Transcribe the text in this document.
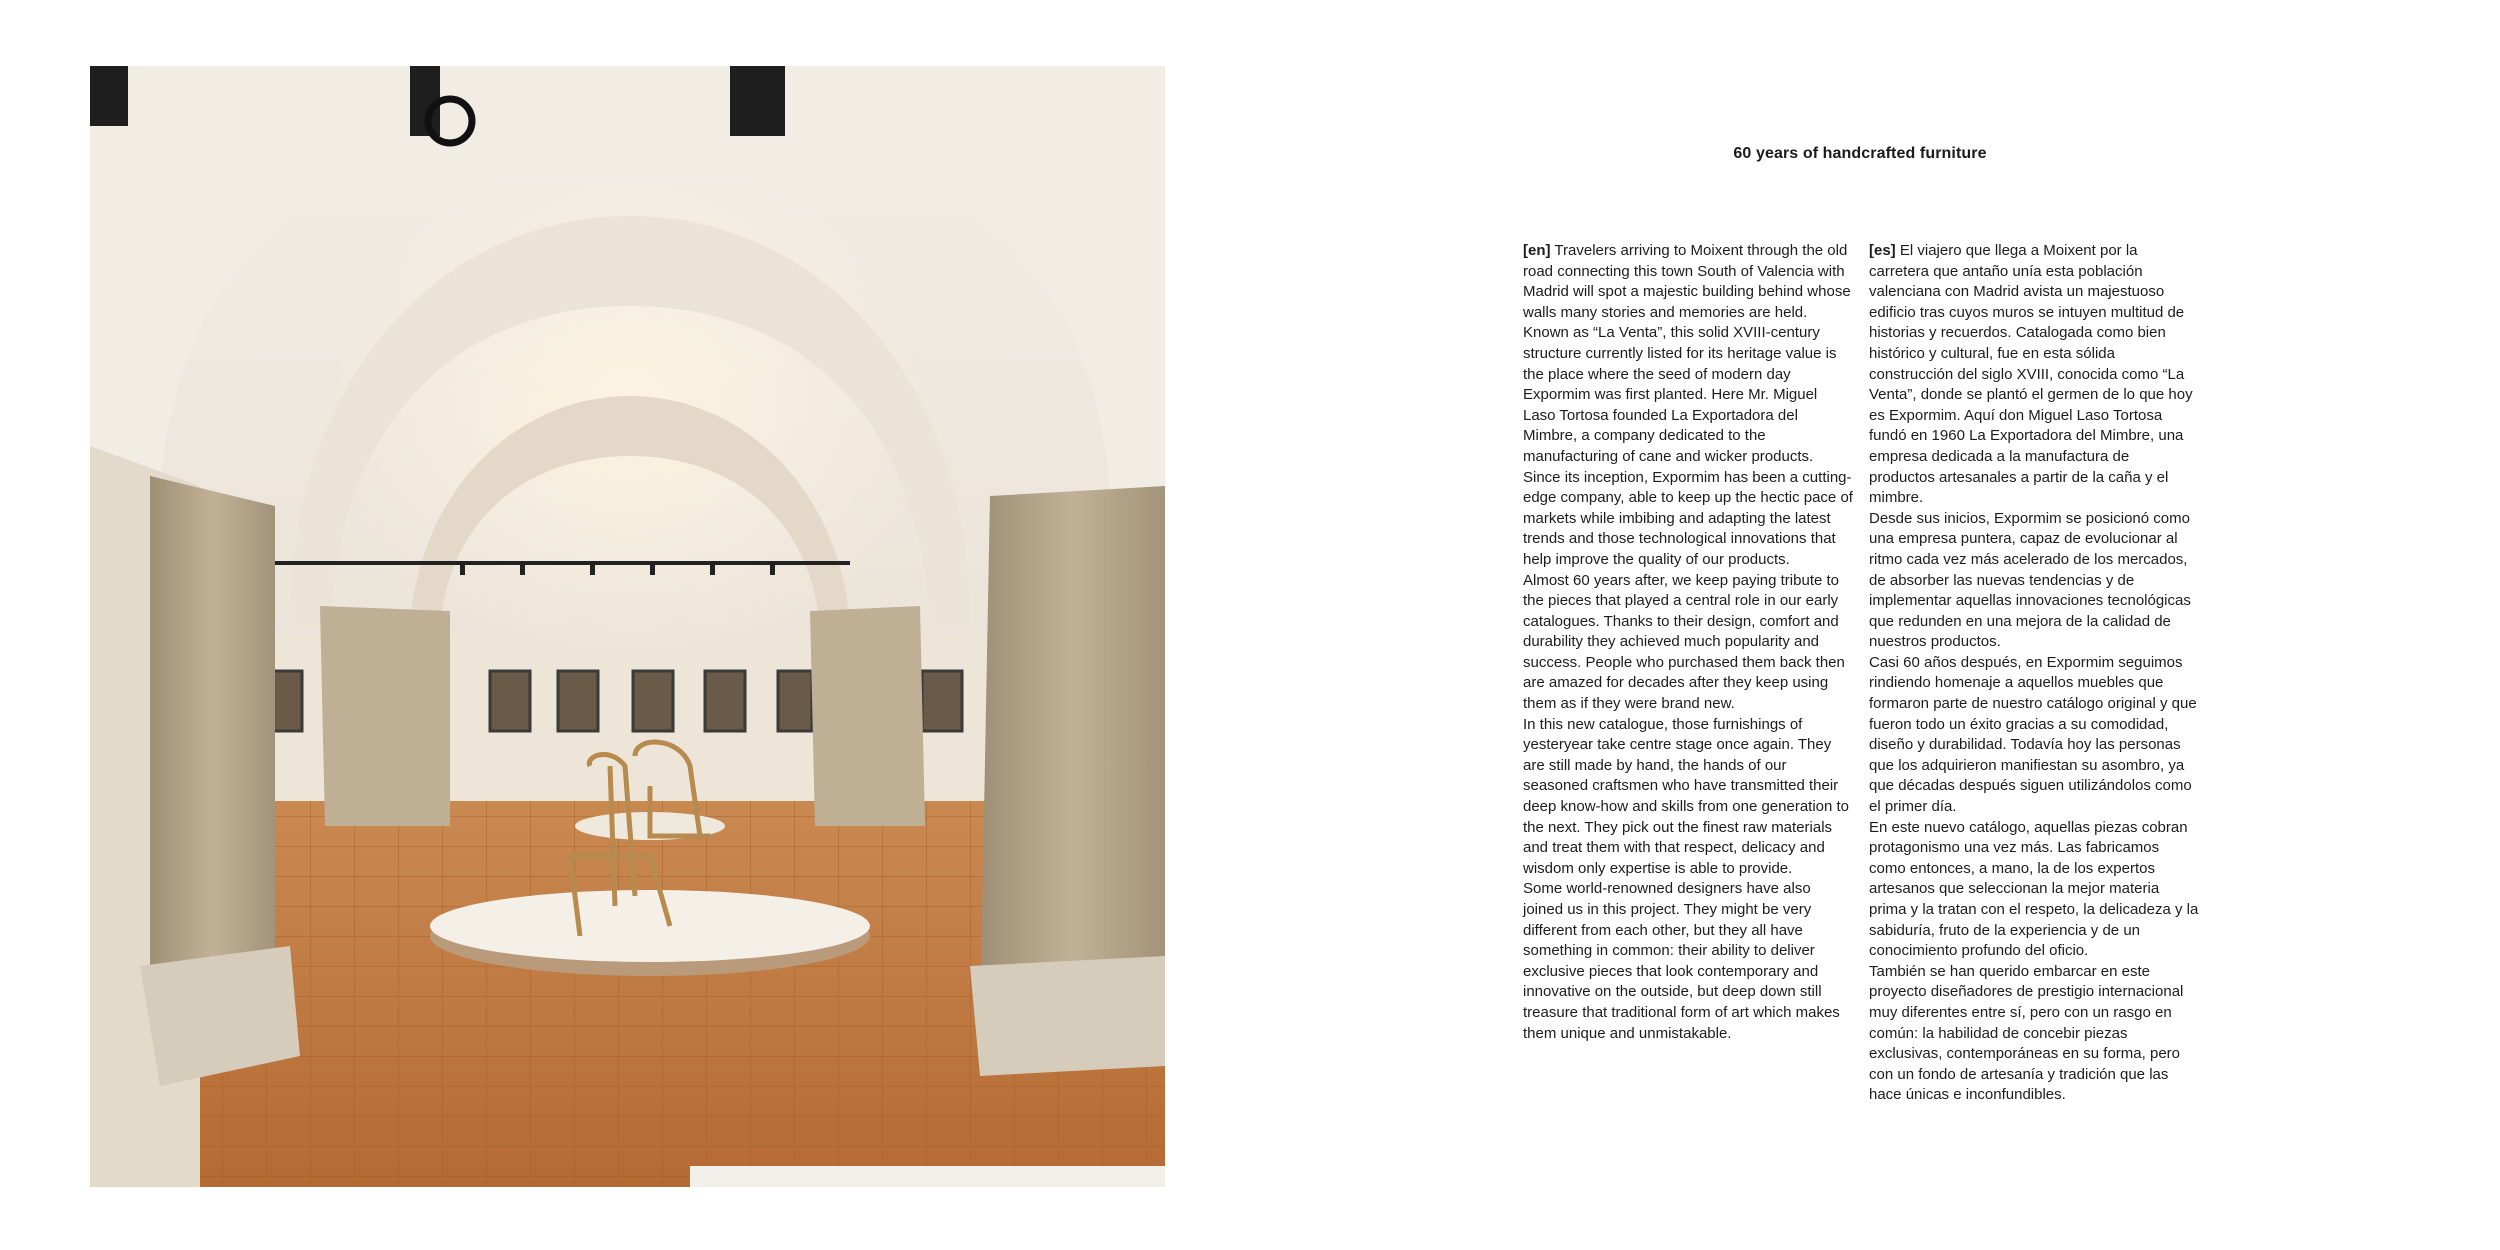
60 years of handcrafted furniture

[en] Travelers arriving to Moixent through the old road connecting this town South of Valencia with Madrid will spot a majestic building behind whose walls many stories and memories are held. Known as “La Venta”, this solid XVIII-century structure currently listed for its heritage value is the place where the seed of modern day Expormim was first planted. Here Mr. Miguel Laso Tortosa founded La Exportadora del Mimbre, a company dedicated to the manufacturing of cane and wicker products.

Since its inception, Expormim has been a cutting-edge company, able to keep up the hectic pace of markets while imbibing and adapting the latest trends and those technological innovations that help improve the quality of our products.

Almost 60 years after, we keep paying tribute to the pieces that played a central role in our early catalogues. Thanks to their design, comfort and durability they achieved much popularity and success. People who purchased them back then are amazed for decades after they keep using them as if they were brand new.

In this new catalogue, those furnishings of yesteryear take centre stage once again. They are still made by hand, the hands of our seasoned craftsmen who have transmitted their deep know-how and skills from one generation to the next. They pick out the finest raw materials and treat them with that respect, delicacy and wisdom only expertise is able to provide.

Some world-renowned designers have also joined us in this project. They might be very different from each other, but they all have something in common: their ability to deliver exclusive pieces that look contemporary and innovative on the outside, but deep down still treasure that traditional form of art which makes them unique and unmistakable.

[es] El viajero que llega a Moixent por la carretera que antaño unía esta población valenciana con Madrid avista un majestuoso edificio tras cuyos muros se intuyen multitud de historias y recuerdos. Catalogada como bien histórico y cultural, fue en esta sólida construcción del siglo XVIII, conocida como “La Venta”, donde se plantó el germen de lo que hoy es Expormim. Aquí don Miguel Laso Tortosa fundó en 1960 La Exportadora del Mimbre, una empresa dedicada a la manufactura de productos artesanales a partir de la caña y el mimbre.

Desde sus inicios, Expormim se posicionó como una empresa puntera, capaz de evolucionar al ritmo cada vez más acelerado de los mercados, de absorber las nuevas tendencias y de implementar aquellas innovaciones tecnológicas que redunden en una mejora de la calidad de nuestros productos.

Casi 60 años después, en Expormim seguimos rindiendo homenaje a aquellos muebles que formaron parte de nuestro catálogo original y que fueron todo un éxito gracias a su comodidad, diseño y durabilidad. Todavía hoy las personas que los adquirieron manifiestan su asombro, ya que décadas después siguen utilizándolos como el primer día.

En este nuevo catálogo, aquellas piezas cobran protagonismo una vez más. Las fabricamos como entonces, a mano, la de los expertos artesanos que seleccionan la mejor materia prima y la tratan con el respeto, la delicadeza y la sabiduría, fruto de la experiencia y de un conocimiento profundo del oficio.

También se han querido embarcar en este proyecto diseñadores de prestigio internacional muy diferentes entre sí, pero con un rasgo en común: la habilidad de concebir piezas exclusivas, contemporáneas en su forma, pero con un fondo de artesanía y tradición que las hace únicas e inconfundibles.
